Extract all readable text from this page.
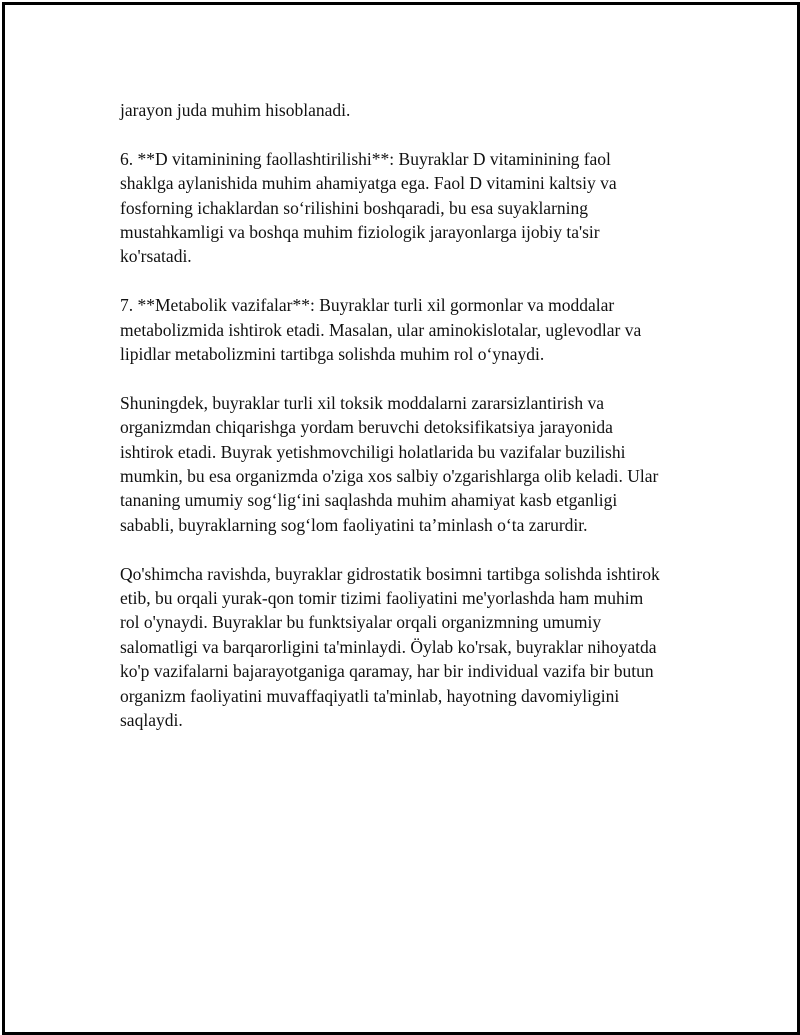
jarayon juda muhim hisoblanadi.

6. **D vitaminining faollashtirilishi**: Buyraklar D vitaminining faol
shaklga aylanishida muhim ahamiyatga ega. Faol D vitamini kaltsiy va
fosforning ichaklardan so‘rilishini boshqaradi, bu esa suyaklarning
mustahkamligi va boshqa muhim fiziologik jarayonlarga ijobiy ta'sir
ko'rsatadi.

7. **Metabolik vazifalar**: Buyraklar turli xil gormonlar va moddalar
metabolizmida ishtirok etadi. Masalan, ular aminokislotalar, uglevodlar va
lipidlar metabolizmini tartibga solishda muhim rol o‘ynaydi.

Shuningdek, buyraklar turli xil toksik moddalarni zararsizlantirish va
organizmdan chiqarishga yordam beruvchi detoksifikatsiya jarayonida
ishtirok etadi. Buyrak yetishmovchiligi holatlarida bu vazifalar buzilishi
mumkin, bu esa organizmda o'ziga xos salbiy o'zgarishlarga olib keladi. Ular
tananing umumiy sog‘lig‘ini saqlashda muhim ahamiyat kasb etganligi
sababli, buyraklarning sog‘lom faoliyatini ta’minlash o‘ta zarurdir.

Qo'shimcha ravishda, buyraklar gidrostatik bosimni tartibga solishda ishtirok
etib, bu orqali yurak-qon tomir tizimi faoliyatini me'yorlashda ham muhim
rol o'ynaydi. Buyraklar bu funktsiyalar orqali organizmning umumiy
salomatligi va barqarorligini ta'minlaydi. Öylab ko'rsak, buyraklar nihoyatda
ko'p vazifalarni bajarayotganiga qaramay, har bir individual vazifa bir butun
organizm faoliyatini muvaffaqiyatli ta'minlab, hayotning davomiyligini
saqlaydi.
